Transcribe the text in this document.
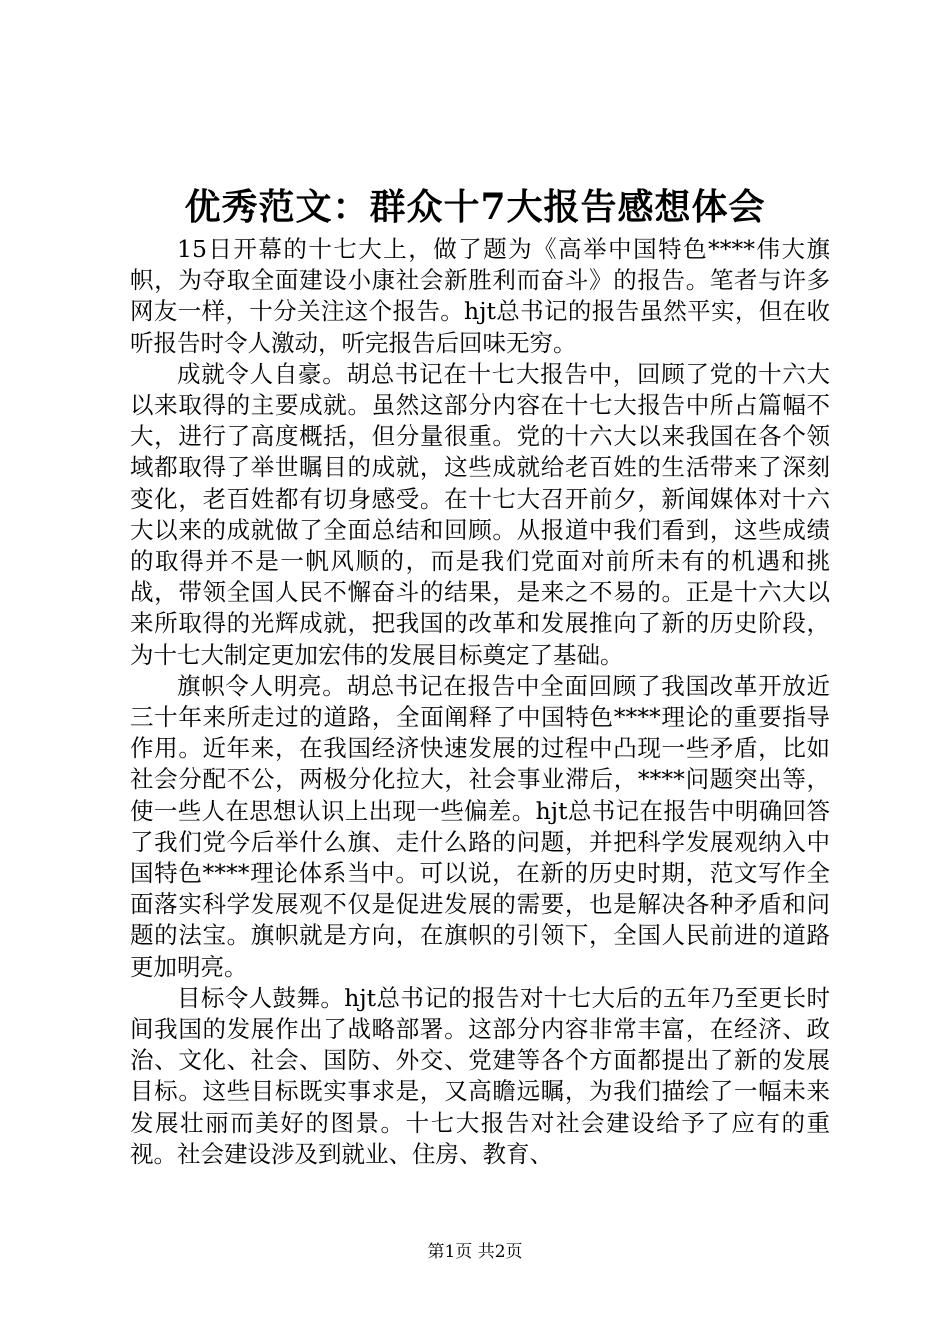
优秀范文：群众十7大报告感想体会

15日开幕的十七大上，做了题为《高举中国特色****伟大旗帜，为夺取全面建设小康社会新胜利而奋斗》的报告。笔者与许多网友一样，十分关注这个报告。hjt总书记的报告虽然平实，但在收听报告时令人激动，听完报告后回味无穷。

成就令人自豪。胡总书记在十七大报告中，回顾了党的十六大以来取得的主要成就。虽然这部分内容在十七大报告中所占篇幅不大，进行了高度概括，但分量很重。党的十六大以来我国在各个领域都取得了举世瞩目的成就，这些成就给老百姓的生活带来了深刻变化，老百姓都有切身感受。在十七大召开前夕，新闻媒体对十六大以来的成就做了全面总结和回顾。从报道中我们看到，这些成绩的取得并不是一帆风顺的，而是我们党面对前所未有的机遇和挑战，带领全国人民不懈奋斗的结果，是来之不易的。正是十六大以来所取得的光辉成就，把我国的改革和发展推向了新的历史阶段，为十七大制定更加宏伟的发展目标奠定了基础。

旗帜令人明亮。胡总书记在报告中全面回顾了我国改革开放近三十年来所走过的道路，全面阐释了中国特色****理论的重要指导作用。近年来，在我国经济快速发展的过程中凸现一些矛盾，比如社会分配不公，两极分化拉大，社会事业滞后，****问题突出等，使一些人在思想认识上出现一些偏差。hjt总书记在报告中明确回答了我们党今后举什么旗、走什么路的问题，并把科学发展观纳入中国特色****理论体系当中。可以说，在新的历史时期，范文写作全面落实科学发展观不仅是促进发展的需要，也是解决各种矛盾和问题的法宝。旗帜就是方向，在旗帜的引领下，全国人民前进的道路更加明亮。

目标令人鼓舞。hjt总书记的报告对十七大后的五年乃至更长时间我国的发展作出了战略部署。这部分内容非常丰富，在经济、政治、文化、社会、国防、外交、党建等各个方面都提出了新的发展目标。这些目标既实事求是，又高瞻远瞩，为我们描绘了一幅未来发展壮丽而美好的图景。十七大报告对社会建设给予了应有的重视。社会建设涉及到就业、住房、教育、

第1页 共2页
